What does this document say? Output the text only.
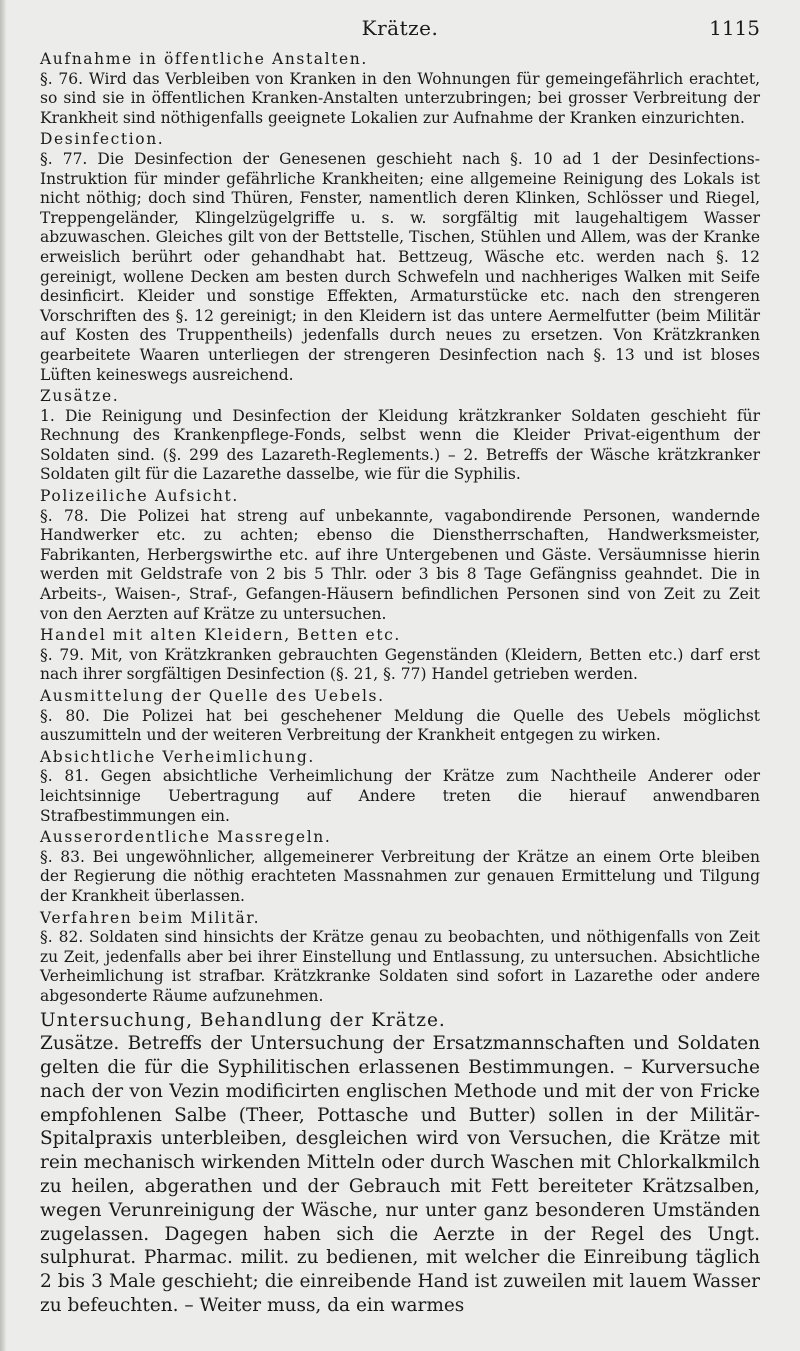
Krätze.	1115
Aufnahme in öffentliche Anstalten.

§. 76. Wird das Verbleiben von Kranken in den Wohnungen für gemeingefährlich erachtet, so sind sie in öffentlichen Kranken-Anstalten unterzubringen; bei grosser Verbreitung der Krankheit sind nöthigenfalls geeignete Lokalien zur Aufnahme der Kranken einzurichten.

Desinfection.

§. 77. Die Desinfection der Genesenen geschieht nach §. 10 ad 1 der Desinfections-Instruktion für minder gefährliche Krankheiten; eine allgemeine Reinigung des Lokals ist nicht nöthig; doch sind Thüren, Fenster, namentlich deren Klinken, Schlösser und Riegel, Treppengeländer, Klingelzügelgriffe u. s. w. sorgfältig mit laugehaltigem Wasser abzuwaschen. Gleiches gilt von der Bettstelle, Tischen, Stühlen und Allem, was der Kranke erweislich berührt oder gehandhabt hat. Bettzeug, Wäsche etc. werden nach §. 12 gereinigt, wollene Decken am besten durch Schwefeln und nachheriges Walken mit Seife desinficirt. Kleider und sonstige Effekten, Armaturstücke etc. nach den strengeren Vorschriften des §. 12 gereinigt; in den Kleidern ist das untere Aermelfutter (beim Militär auf Kosten des Truppentheils) jedenfalls durch neues zu ersetzen. Von Krätzkranken gearbeitete Waaren unterliegen der strengeren Desinfection nach §. 13 und ist bloses Lüften keineswegs ausreichend.

Zusätze.

1. Die Reinigung und Desinfection der Kleidung krätzkranker Soldaten geschieht für Rechnung des Krankenpflege-Fonds, selbst wenn die Kleider Privat-eigenthum der Soldaten sind. (§. 299 des Lazareth-Reglements.) – 2. Betreffs der Wäsche krätzkranker Soldaten gilt für die Lazarethe dasselbe, wie für die Syphilis.

Polizeiliche Aufsicht.

§. 78. Die Polizei hat streng auf unbekannte, vagabondirende Personen, wandernde Handwerker etc. zu achten; ebenso die Dienstherrschaften, Handwerksmeister, Fabrikanten, Herbergswirthe etc. auf ihre Untergebenen und Gäste. Versäumnisse hierin werden mit Geldstrafe von 2 bis 5 Thlr. oder 3 bis 8 Tage Gefängniss geahndet. Die in Arbeits-, Waisen-, Straf-, Gefangen-Häusern befindlichen Personen sind von Zeit zu Zeit von den Aerzten auf Krätze zu untersuchen.

Handel mit alten Kleidern, Betten etc.

§. 79. Mit, von Krätzkranken gebrauchten Gegenständen (Kleidern, Betten etc.) darf erst nach ihrer sorgfältigen Desinfection (§. 21, §. 77) Handel getrieben werden.

Ausmittelung der Quelle des Uebels.

§. 80. Die Polizei hat bei geschehener Meldung die Quelle des Uebels möglichst auszumitteln und der weiteren Verbreitung der Krankheit entgegen zu wirken.

Absichtliche Verheimlichung.

§. 81. Gegen absichtliche Verheimlichung der Krätze zum Nachtheile Anderer oder leichtsinnige Uebertragung auf Andere treten die hierauf anwendbaren Strafbestimmungen ein.

Ausserordentliche Massregeln.

§. 83. Bei ungewöhnlicher, allgemeinerer Verbreitung der Krätze an einem Orte bleiben der Regierung die nöthig erachteten Massnahmen zur genauen Ermittelung und Tilgung der Krankheit überlassen.

Verfahren beim Militär.

§. 82. Soldaten sind hinsichts der Krätze genau zu beobachten, und nöthigenfalls von Zeit zu Zeit, jedenfalls aber bei ihrer Einstellung und Entlassung, zu untersuchen. Absichtliche Verheimlichung ist strafbar. Krätzkranke Soldaten sind sofort in Lazarethe oder andere abgesonderte Räume aufzunehmen.

Untersuchung, Behandlung der Krätze.

Zusätze. Betreffs der Untersuchung der Ersatzmannschaften und Soldaten gelten die für die Syphilitischen erlassenen Bestimmungen. – Kurversuche nach der von Vezin modificirten englischen Methode und mit der von Fricke empfohlenen Salbe (Theer, Pottasche und Butter) sollen in der Militär-Spitalpraxis unterbleiben, desgleichen wird von Versuchen, die Krätze mit rein mechanisch wirkenden Mitteln oder durch Waschen mit Chlorkalkmilch zu heilen, abgerathen und der Gebrauch mit Fett bereiteter Krätzsalben, wegen Verunreinigung der Wäsche, nur unter ganz besonderen Umständen zugelassen. Dagegen haben sich die Aerzte in der Regel des Ungt. sulphurat. Pharmac. milit. zu bedienen, mit welcher die Einreibung täglich 2 bis 3 Male geschieht; die einreibende Hand ist zuweilen mit lauem Wasser zu befeuchten. – Weiter muss, da ein warmes
